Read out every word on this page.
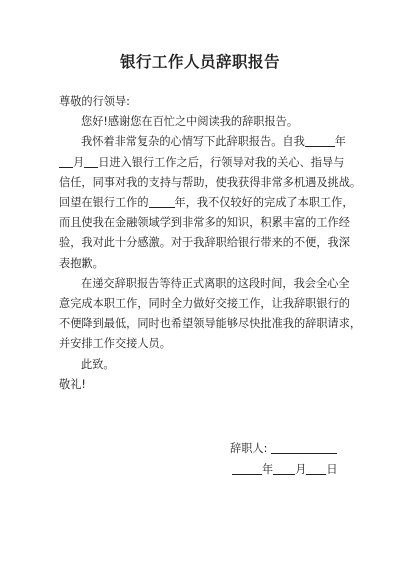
银行工作人员辞职报告
尊敬的行领导:
您好!感谢您在百忙之中阅读我的辞职报告。
我怀着非常复杂的心情写下此辞职报告。自我	年
月 日进入银行工作之后，行领导对我的关心、指导与
信任，同事对我的支持与帮助，使我获得非常多机遇及挑战。
回望在银行工作的 年，我不仅较好的完成了本职工作，
而且使我在金融领域学到非常多的知识，积累丰富的工作经
验，我对此十分感激。对于我辞职给银行带来的不便，我深
表抱歉。
在递交辞职报告等待正式离职的这段时间，我会全心全
意完成本职工作，同时全力做好交接工作，让我辞职银行的
不便降到最低，同时也希望领导能够尽快批准我的辞职请求，
并安排工作交接人员。
此致。
敬礼!
辞职人:
年 月 日
